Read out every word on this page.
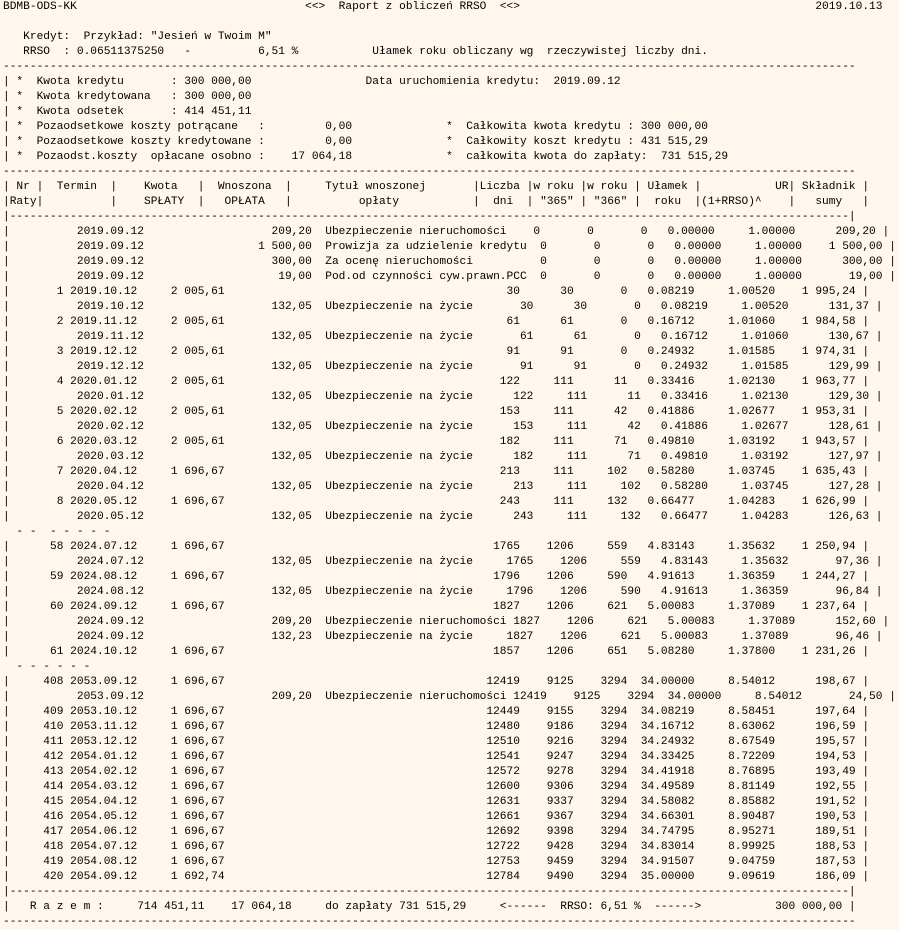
BDMB-ODS-KK                                  <<>  Raport z obliczeń RRSO  <<>                                            2019.10.13
Kredyt:  Przykład: "Jesień w Twoim M"
RRSO  : 0.06511375250   -          6,51 %           Ułamek roku obliczany wg  rzeczywistej liczby dni.
-------------------------------------------------------------------------------------------------------------------------------
| *  Kwota kredytu       : 300 000,00                 Data uruchomienia kredytu:  2019.09.12
| *  Kwota kredytowana   : 300 000,00
| *  Kwota odsetek       : 414 451,11
| *  Pozaodsetkowe koszty potrącane   :         0,00              *  Całkowita kwota kredytu : 300 000,00
| *  Pozaodsetkowe koszty kredytowane :         0,00              *  Całkowity koszt kredytu : 431 515,29
| *  Pozaodst.koszty  opłacane osobno :    17 064,18              *  całkowita kwota do zapłaty:  731 515,29
-------------------------------------------------------------------------------------------------------------------------------
| Nr |  Termin  |    Kwota   |  Wnoszona  |     Tytuł wnoszonej       |Liczba |w roku |w roku | Ułamek |           UR| Składnik |
|Raty|          |    SPŁATY  |   OPŁATA   |          opłaty           |  dni  | "365" | "366" |  roku  |(1+RRSO)^    |   sumy   |
|-----------------------------------------------------------------------------------------------------------------------------|
|          2019.09.12                   209,20  Ubezpieczenie nieruchomości    0       0       0   0.00000     1.00000      209,20 |
|          2019.09.12                 1 500,00  Prowizja za udzielenie kredytu  0       0       0   0.00000     1.00000    1 500,00 |
|          2019.09.12                   300,00  Za ocenę nieruchomości          0       0       0   0.00000     1.00000      300,00 |
|          2019.09.12                    19,00  Pod.od czynności cyw.prawn.PCC  0       0       0   0.00000     1.00000       19,00 |
|       1 2019.10.12     2 005,61                                          30      30       0   0.08219     1.00520    1 995,24 |
|          2019.10.12                   132,05  Ubezpieczenie na życie       30      30       0   0.08219     1.00520      131,37 |
|       2 2019.11.12     2 005,61                                          61      61       0   0.16712     1.01060    1 984,58 |
|          2019.11.12                   132,05  Ubezpieczenie na życie       61      61       0   0.16712     1.01060      130,67 |
|       3 2019.12.12     2 005,61                                          91      91       0   0.24932     1.01585    1 974,31 |
|          2019.12.12                   132,05  Ubezpieczenie na życie       91      91       0   0.24932     1.01585      129,99 |
|       4 2020.01.12     2 005,61                                         122     111      11   0.33416     1.02130    1 963,77 |
|          2020.01.12                   132,05  Ubezpieczenie na życie      122     111      11   0.33416     1.02130      129,30 |
|       5 2020.02.12     2 005,61                                         153     111      42   0.41886     1.02677    1 953,31 |
|          2020.02.12                   132,05  Ubezpieczenie na życie      153     111      42   0.41886     1.02677      128,61 |
|       6 2020.03.12     2 005,61                                         182     111      71   0.49810     1.03192    1 943,57 |
|          2020.03.12                   132,05  Ubezpieczenie na życie      182     111      71   0.49810     1.03192      127,97 |
|       7 2020.04.12     1 696,67                                         213     111     102   0.58280     1.03745    1 635,43 |
|          2020.04.12                   132,05  Ubezpieczenie na życie      213     111     102   0.58280     1.03745      127,28 |
|       8 2020.05.12     1 696,67                                         243     111     132   0.66477     1.04283    1 626,99 |
|          2020.05.12                   132,05  Ubezpieczenie na życie      243     111     132   0.66477     1.04283      126,63 |
- -  - - - - -
|      58 2024.07.12     1 696,67                                        1765    1206     559   4.83143     1.35632    1 250,94 |
|          2024.07.12                   132,05  Ubezpieczenie na życie     1765    1206     559   4.83143     1.35632       97,36 |
|      59 2024.08.12     1 696,67                                        1796    1206     590   4.91613     1.36359    1 244,27 |
|          2024.08.12                   132,05  Ubezpieczenie na życie     1796    1206     590   4.91613     1.36359       96,84 |
|      60 2024.09.12     1 696,67                                        1827    1206     621   5.00083     1.37089    1 237,64 |
|          2024.09.12                   209,20  Ubezpieczenie nieruchomości 1827    1206     621   5.00083     1.37089      152,60 |
|          2024.09.12                   132,23  Ubezpieczenie na życie     1827    1206     621   5.00083     1.37089       96,46 |
|      61 2024.10.12     1 696,67                                        1857    1206     651   5.08280     1.37800    1 231,26 |
- - - - - -
|     408 2053.09.12     1 696,67                                       12419    9125    3294  34.00000     8.54012      198,67 |
|          2053.09.12                   209,20  Ubezpieczenie nieruchomości 12419    9125    3294  34.00000     8.54012       24,50 |
|     409 2053.10.12     1 696,67                                       12449    9155    3294  34.08219     8.58451      197,64 |
|     410 2053.11.12     1 696,67                                       12480    9186    3294  34.16712     8.63062      196,59 |
|     411 2053.12.12     1 696,67                                       12510    9216    3294  34.24932     8.67549      195,57 |
|     412 2054.01.12     1 696,67                                       12541    9247    3294  34.33425     8.72209      194,53 |
|     413 2054.02.12     1 696,67                                       12572    9278    3294  34.41918     8.76895      193,49 |
|     414 2054.03.12     1 696,67                                       12600    9306    3294  34.49589     8.81149      192,55 |
|     415 2054.04.12     1 696,67                                       12631    9337    3294  34.58082     8.85882      191,52 |
|     416 2054.05.12     1 696,67                                       12661    9367    3294  34.66301     8.90487      190,53 |
|     417 2054.06.12     1 696,67                                       12692    9398    3294  34.74795     8.95271      189,51 |
|     418 2054.07.12     1 696,67                                       12722    9428    3294  34.83014     8.99925      188,53 |
|     419 2054.08.12     1 696,67                                       12753    9459    3294  34.91507     9.04759      187,53 |
|     420 2054.09.12     1 692,74                                       12784    9490    3294  35.00000     9.09619      186,09 |
|-----------------------------------------------------------------------------------------------------------------------------|
|   R a z e m :     714 451,11    17 064,18     do zapłaty 731 515,29     <------  RRSO: 6,51 %  ------>           300 000,00 |
-------------------------------------------------------------------------------------------------------------------------------
